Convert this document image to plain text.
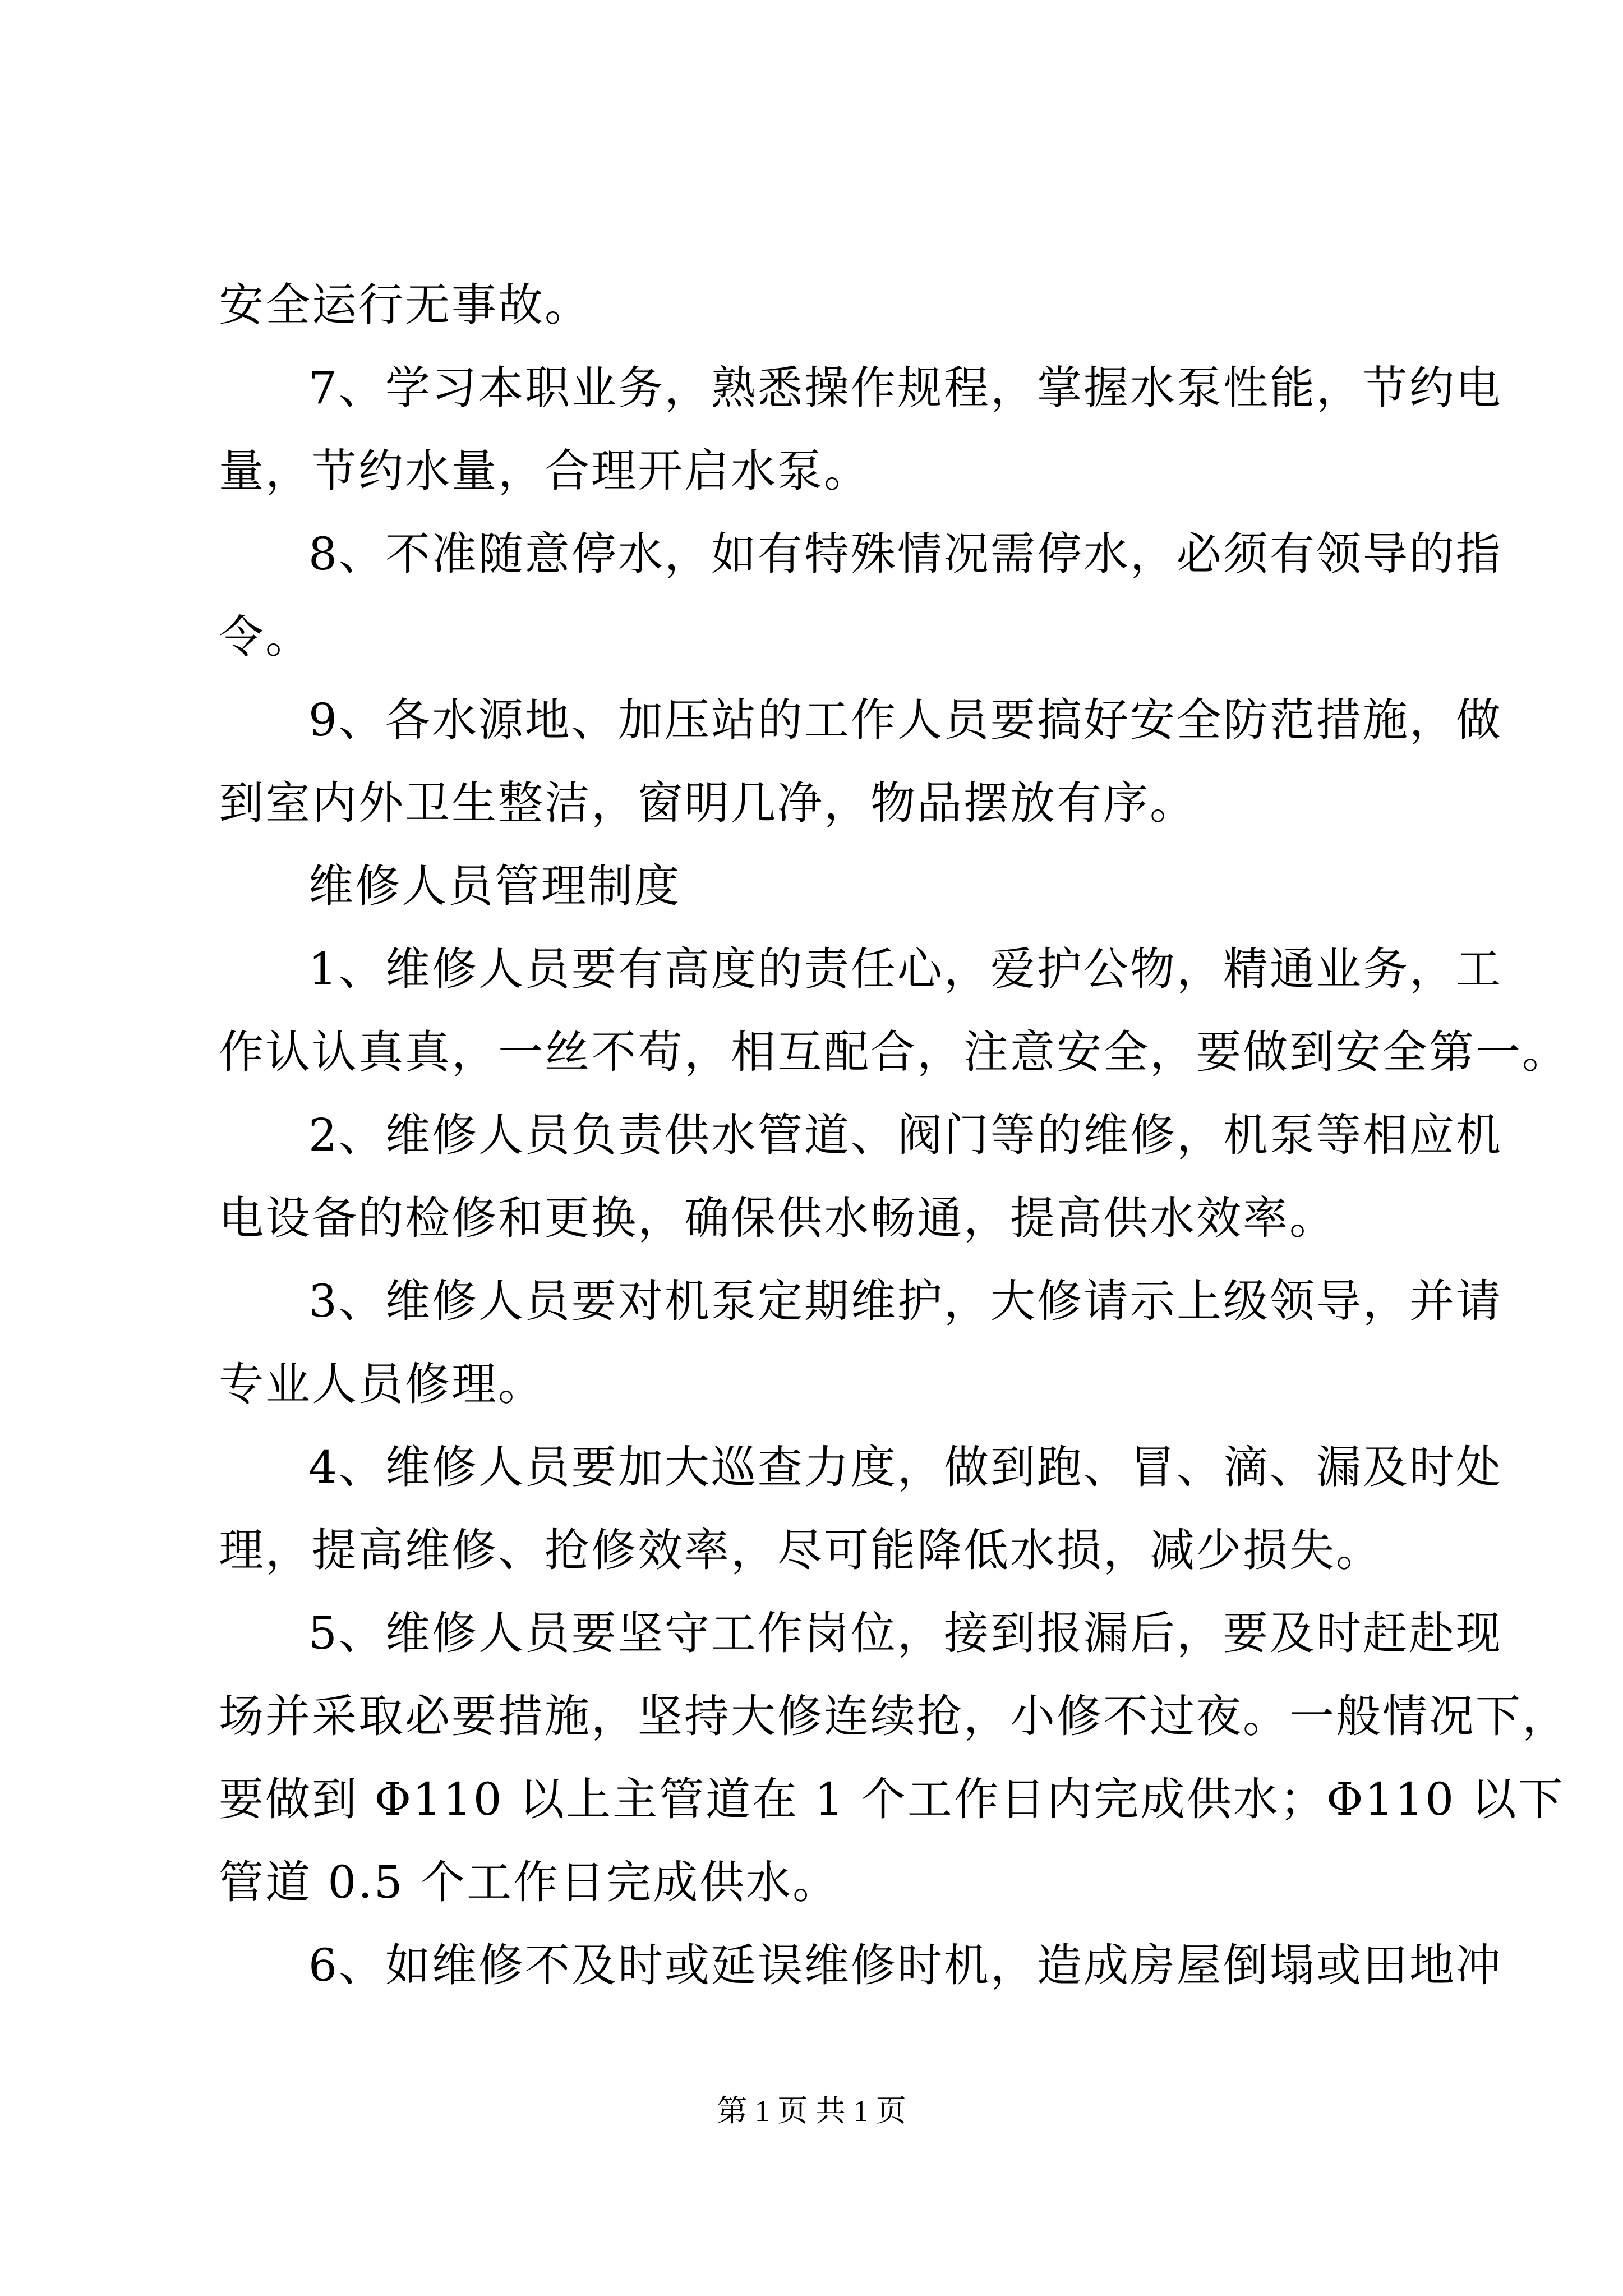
安全运行无事故。
7、学习本职业务，熟悉操作规程，掌握水泵性能，节约电
量，节约水量，合理开启水泵。
8、不准随意停水，如有特殊情况需停水，必须有领导的指
令。
9、各水源地、加压站的工作人员要搞好安全防范措施，做
到室内外卫生整洁，窗明几净，物品摆放有序。
维修人员管理制度
1、维修人员要有高度的责任心，爱护公物，精通业务，工
作认认真真，一丝不苟，相互配合，注意安全，要做到安全第一。
2、维修人员负责供水管道、阀门等的维修，机泵等相应机
电设备的检修和更换，确保供水畅通，提高供水效率。
3、维修人员要对机泵定期维护，大修请示上级领导，并请
专业人员修理。
4、维修人员要加大巡查力度，做到跑、冒、滴、漏及时处
理，提高维修、抢修效率，尽可能降低水损，减少损失。
5、维修人员要坚守工作岗位，接到报漏后，要及时赶赴现
场并采取必要措施，坚持大修连续抢，小修不过夜。一般情况下，
要做到 Φ110 以上主管道在 1 个工作日内完成供水；Φ110 以下
管道 0.5 个工作日完成供水。
6、如维修不及时或延误维修时机，造成房屋倒塌或田地冲
第 1 页 共 1 页
